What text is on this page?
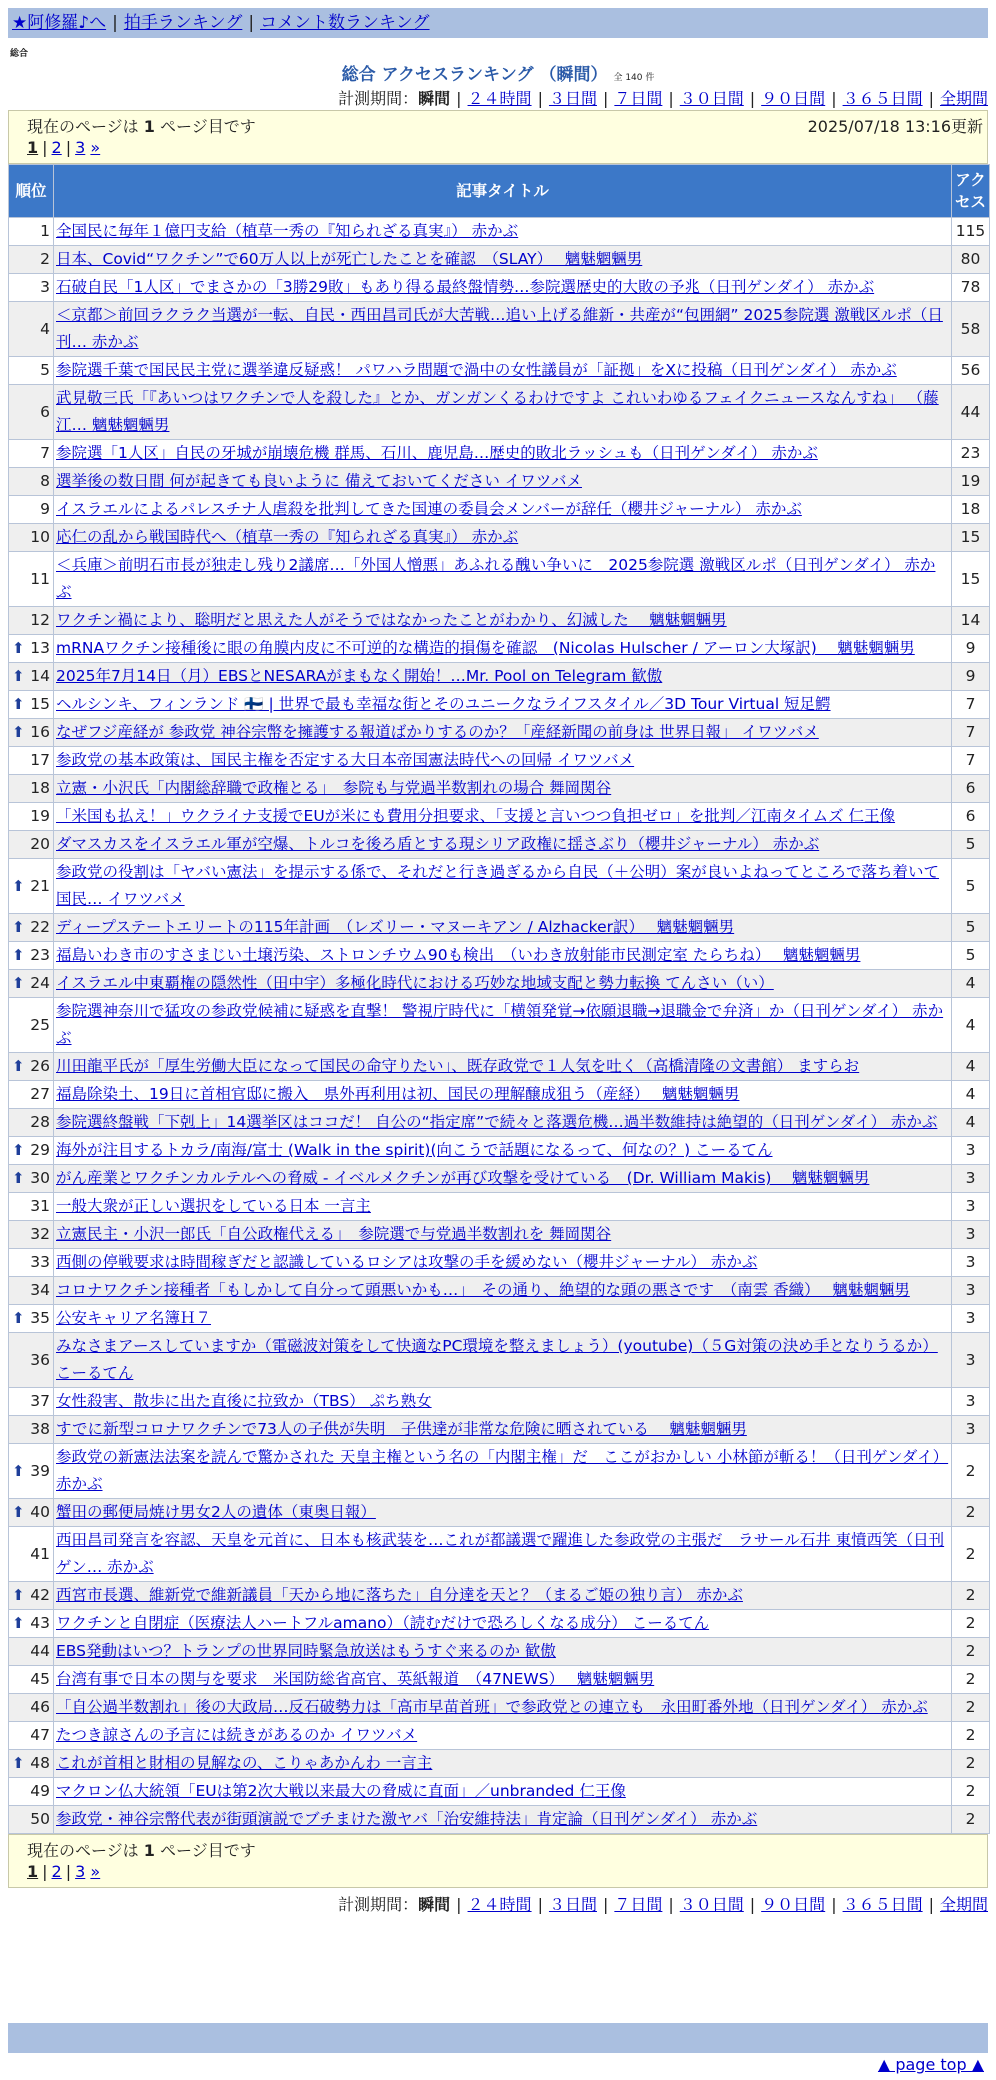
★阿修羅♪へ | 拍手ランキング | コメント数ランキング
総合
総合 アクセスランキング （瞬間） 全 140 件
計測期間：瞬間 | ２４時間 | ３日間 | ７日間 | ３０日間 | ９０日間 | ３６５日間 | 全期間
現在のページは 1 ページ目です	2025/07/18 13:16更新
1 | 2 | 3 »
順位	記事タイトル	アクセス
1	全国民に毎年１億円支給（植草一秀の『知られざる真実』） 赤かぶ	115
2	日本、Covid“ワクチン”で60万人以上が死亡したことを確認　（SLAY）　 魑魅魍魎男	80
3	石破自民「1人区」でまさかの「3勝29敗」もあり得る最終盤情勢…参院選歴史的大敗の予兆（日刊ゲンダイ） 赤かぶ	78
4	＜京都＞前回ラクラク当選が一転、自民・西田昌司氏が大苦戦…追い上げる維新・共産が“包囲網” 2025参院選 激戦区ルポ（日刊… 赤かぶ	58
5	参院選千葉で国民民主党に選挙違反疑惑！ パワハラ問題で渦中の女性議員が「証拠」をXに投稿（日刊ゲンダイ） 赤かぶ	56
6	武見敬三氏「『あいつはワクチンで人を殺した』とか、ガンガンくるわけですよ これいわゆるフェイクニュースなんすね」 （藤江… 魑魅魍魎男	44
7	参院選「1人区」自民の牙城が崩壊危機 群馬、石川、鹿児島…歴史的敗北ラッシュも（日刊ゲンダイ） 赤かぶ	23
8	選挙後の数日間 何が起きても良いように 備えておいてください イワツバメ	19
9	イスラエルによるパレスチナ人虐殺を批判してきた国連の委員会メンバーが辞任（櫻井ジャーナル） 赤かぶ	18
10	応仁の乱から戦国時代へ（植草一秀の『知られざる真実』） 赤かぶ	15
11	＜兵庫＞前明石市長が独走し残り2議席…「外国人憎悪」あふれる醜い争いに　2025参院選 激戦区ルポ（日刊ゲンダイ） 赤かぶ	15
12	ワクチン禍により、聡明だと思えた人がそうではなかったことがわかり、幻滅した　 魑魅魍魎男	14

⬆ 13	mRNAワクチン接種後に眼の角膜内皮に不可逆的な構造的損傷を確認　(Nicolas Hulscher / アーロン大塚訳)　 魑魅魍魎男	9

⬆ 14	2025年7月14日（月）EBSとNESARAがまもなく開始！…Mr. Pool on Telegram 歓傲	9

⬆ 15	ヘルシンキ、フィンランド 🇫🇮 | 世界で最も幸福な街とそのユニークなライフスタイル／3D Tour Virtual 短足鰐	7

⬆ 16	なぜフジ産経が 参政党 神谷宗幣を擁護する報道ばかりするのか？「産経新聞の前身は 世界日報」 イワツバメ	7
17	参政党の基本政策は、国民主権を否定する大日本帝国憲法時代への回帰 イワツバメ	7
18	立憲・小沢氏「内閣総辞職で政権とる」　参院も与党過半数割れの場合 舞岡関谷	6
19	「米国も払え！」ウクライナ支援でEUが米にも費用分担要求、「支援と言いつつ負担ゼロ」を批判／江南タイムズ 仁王像	6
20	ダマスカスをイスラエル軍が空爆、トルコを後ろ盾とする現シリア政権に揺さぶり（櫻井ジャーナル） 赤かぶ	5

⬆ 21	参政党の役割は「ヤバい憲法」を提示する係で、それだと行き過ぎるから自民（＋公明）案が良いよねってところで落ち着いて国民… イワツバメ	5

⬆ 22	ディープステートエリートの115年計画　（レズリー・マヌーキアン / Alzhacker訳）　 魑魅魍魎男	5

⬆ 23	福島いわき市のすさまじい土壌汚染、ストロンチウム90も検出　（いわき放射能市民測定室 たらちね）　 魑魅魍魎男	5

⬆ 24	イスラエル中東覇権の隠然性（田中宇）多極化時代における巧妙な地域支配と勢力転換 てんさい（い）	4
25	参院選神奈川で猛攻の参政党候補に疑惑を直撃！ 警視庁時代に「横領発覚→依願退職→退職金で弁済」か（日刊ゲンダイ） 赤かぶ	4

⬆ 26	川田龍平氏が「厚生労働大臣になって国民の命守りたい」、既存政党で１人気を吐く（高橋清隆の文書館） ますらお	4
27	福島除染土、19日に首相官邸に搬入　県外再利用は初、国民の理解醸成狙う（産経）　 魑魅魍魎男	4
28	参院選終盤戦「下剋上」14選挙区はココだ！ 自公の“指定席”で続々と落選危機…過半数維持は絶望的（日刊ゲンダイ） 赤かぶ	4

⬆ 29	海外が注目するトカラ/南海/富士 (Walk in the spirit)(向こうで話題になるって、何なの？) こーるてん	3

⬆ 30	がん産業とワクチンカルテルへの脅威 - イベルメクチンが再び攻撃を受けている　(Dr. William Makis)　 魑魅魍魎男	3
31	一般大衆が正しい選択をしている日本 一言主	3
32	立憲民主・小沢一郎氏「自公政権代える」　参院選で与党過半数割れを 舞岡関谷	3
33	西側の停戦要求は時間稼ぎだと認識しているロシアは攻撃の手を緩めない（櫻井ジャーナル） 赤かぶ	3
34	コロナワクチン接種者「もしかして自分って頭悪いかも…」　その通り、絶望的な頭の悪さです　（南雲 香織）　 魑魅魍魎男	3

⬆ 35	公安キャリア名簿Ｈ７	3
36	みなさまアースしていますか（電磁波対策をして快適なPC環境を整えましょう）(youtube)（５G対策の決め手となりうるか） こーるてん	3
37	女性殺害、散歩に出た直後に拉致か（TBS） ぷち熟女	3
38	すでに新型コロナワクチンで73人の子供が失明　子供達が非常な危険に晒されている　 魑魅魍魎男	3

⬆ 39	参政党の新憲法法案を読んで驚かされた 天皇主権という名の「内閣主権」だ　ここがおかしい 小林節が斬る！（日刊ゲンダイ） 赤かぶ	2

⬆ 40	蟹田の郵便局焼け男女2人の遺体（東奥日報）	2
41	西田昌司発言を容認、天皇を元首に、日本も核武装を…これが都議選で躍進した参政党の主張だ　ラサール石井 東憤西笑（日刊ゲン… 赤かぶ	2

⬆ 42	西宮市長選、維新党で維新議員「天から地に落ちた」自分達を天と？（まるご姫の独り言） 赤かぶ	2

⬆ 43	ワクチンと自閉症（医療法人ハートフルamano）（読むだけで恐ろしくなる成分） こーるてん	2
44	EBS発動はいつ？トランプの世界同時緊急放送はもうすぐ来るのか 歓傲	2
45	台湾有事で日本の関与を要求　米国防総省高官、英紙報道　（47NEWS）　 魑魅魍魎男	2
46	「自公過半数割れ」後の大政局…反石破勢力は「高市早苗首班」で参政党との連立も　永田町番外地（日刊ゲンダイ） 赤かぶ	2
47	たつき諒さんの予言には続きがあるのか イワツバメ	2

⬆ 48	これが首相と財相の見解なの、こりゃあかんわ 一言主	2
49	マクロン仏大統領「EUは第2次大戦以来最大の脅威に直面」／unbranded 仁王像	2
50	参政党・神谷宗幣代表が街頭演説でブチまけた激ヤバ「治安維持法」肯定論（日刊ゲンダイ） 赤かぶ	2
現在のページは 1 ページ目です
1 | 2 | 3 »
計測期間：瞬間 | ２４時間 | ３日間 | ７日間 | ３０日間 | ９０日間 | ３６５日間 | 全期間
▲ page top ▲
